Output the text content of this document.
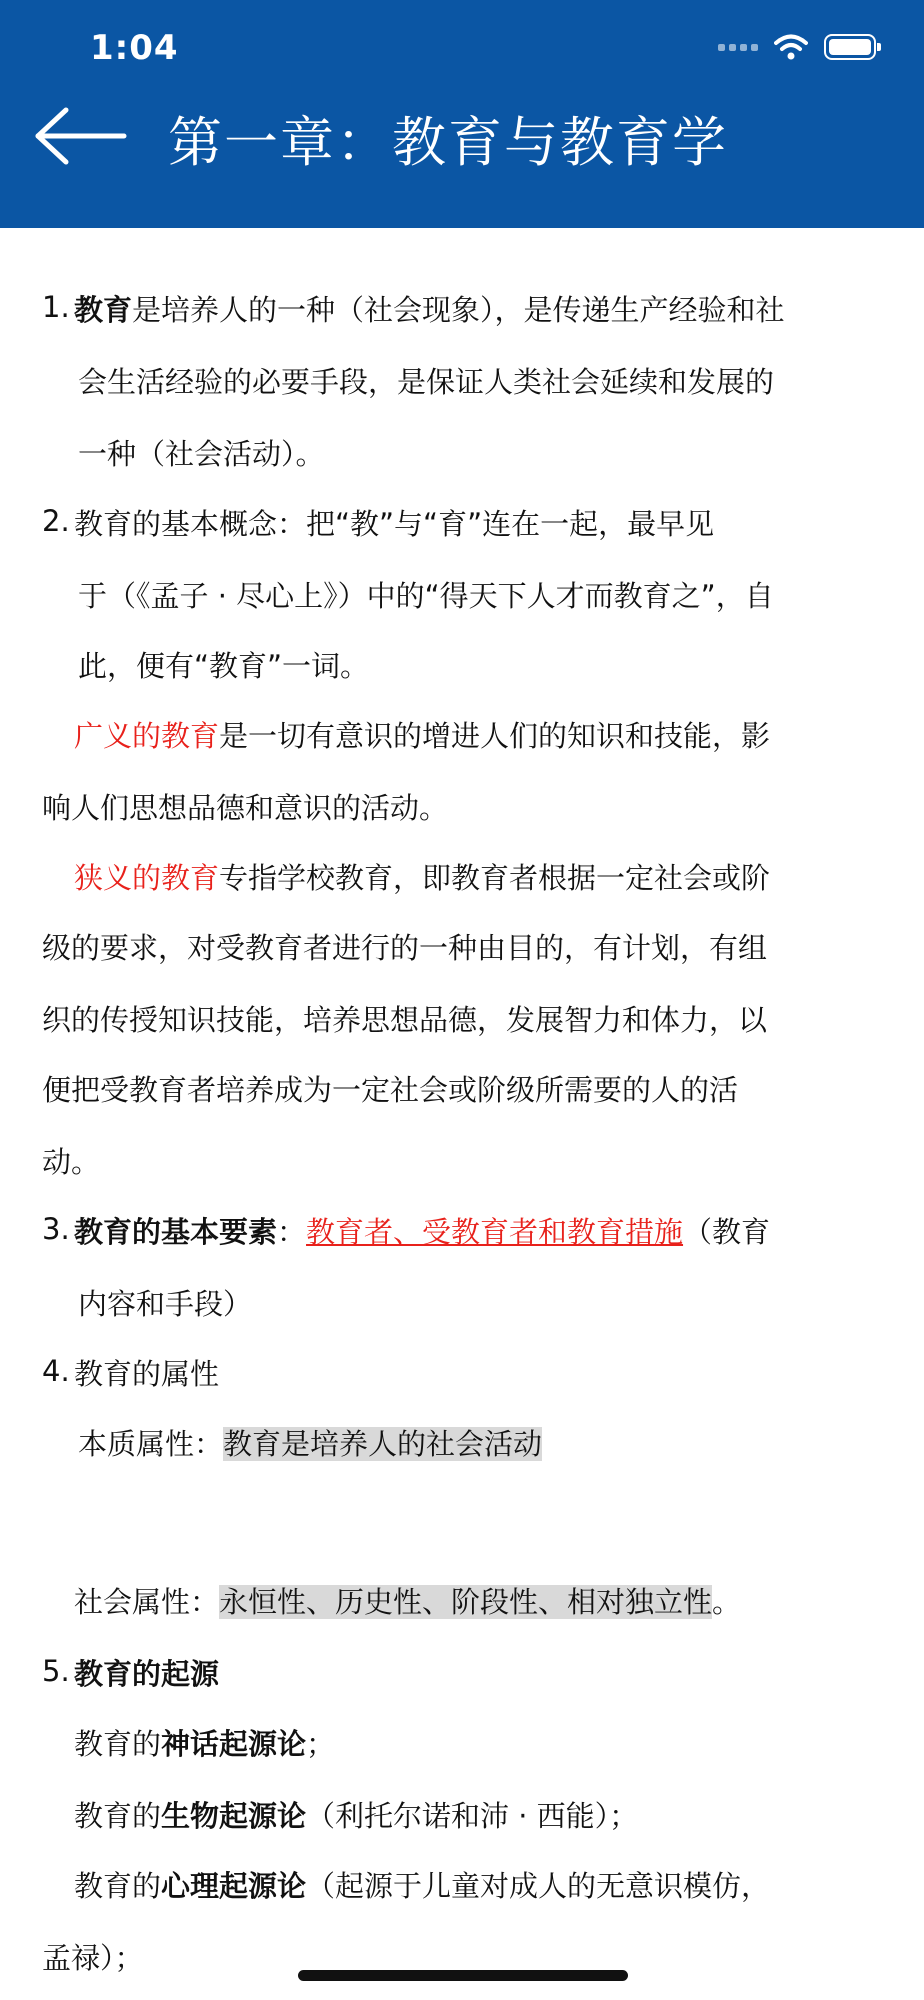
1:04
第一章：教育与教育学
1. 教育是培养人的一种（社会现象），是传递生产经验和社
会生活经验的必要手段，是保证人类社会延续和发展的
一种（社会活动）。
2. 教育的基本概念：把“教”与“育”连在一起，最早见
于（《孟子 · 尽心上》）中的“得天下人才而教育之”，自
此，便有“教育”一词。
广义的教育是一切有意识的增进人们的知识和技能，影
响人们思想品德和意识的活动。
狭义的教育专指学校教育，即教育者根据一定社会或阶
级的要求，对受教育者进行的一种由目的，有计划，有组
织的传授知识技能，培养思想品德，发展智力和体力，以
便把受教育者培养成为一定社会或阶级所需要的人的活
动。
3. 教育的基本要素：教育者、受教育者和教育措施（教育
内容和手段）
4. 教育的属性
本质属性：教育是培养人的社会活动
社会属性：永恒性、历史性、阶段性、相对独立性。
5. 教育的起源
教育的神话起源论；
教育的生物起源论（利托尔诺和沛 · 西能）；
教育的心理起源论（起源于儿童对成人的无意识模仿，
孟禄）；
